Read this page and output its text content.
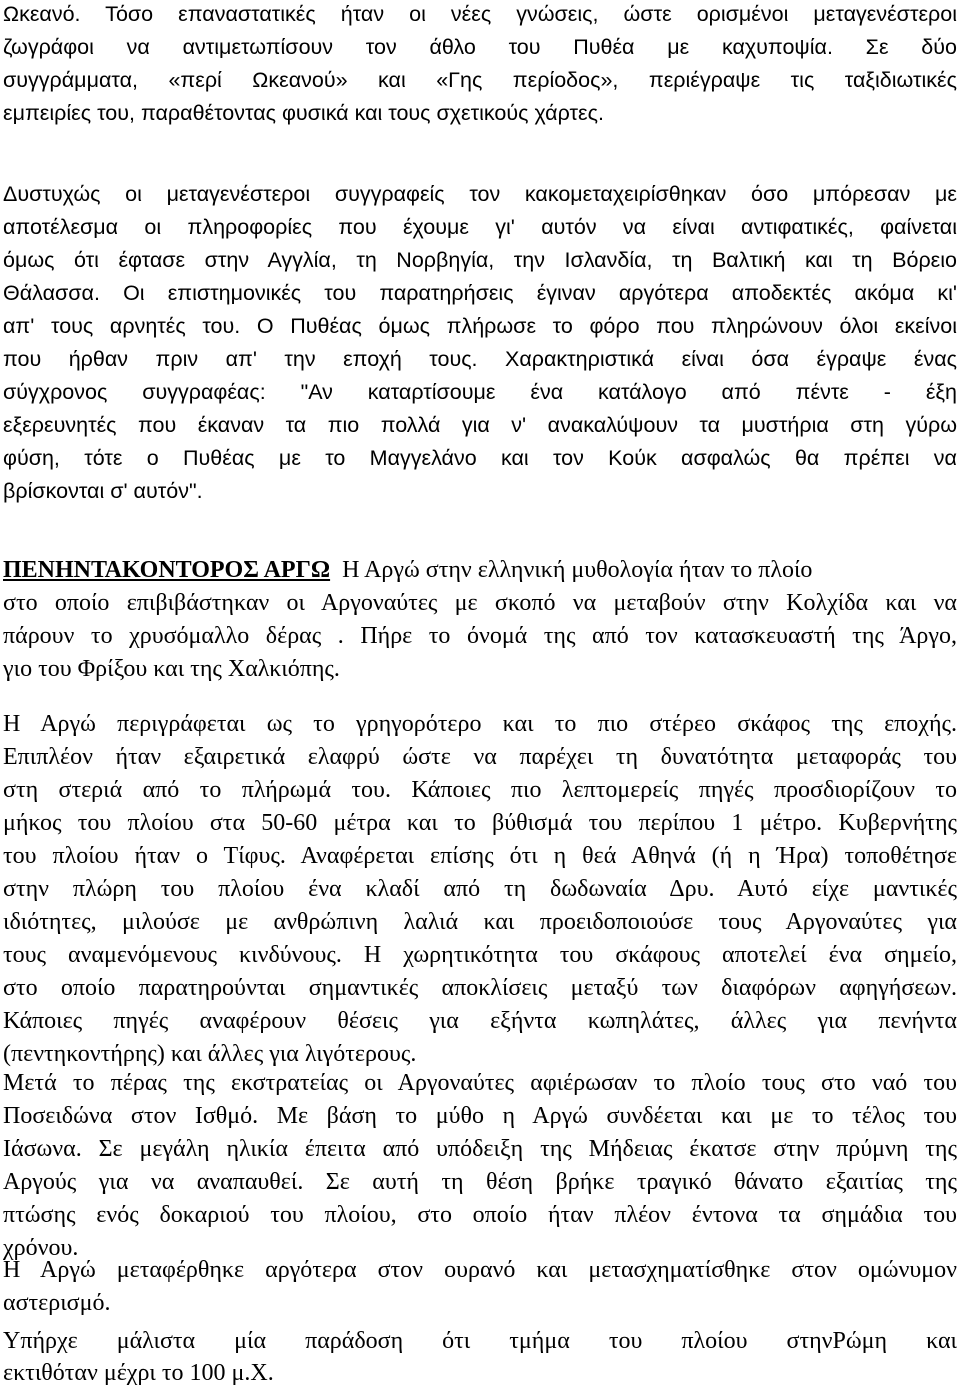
Ωκεανό. Τόσο επαναστατικές ήταν οι νέες γνώσεις, ώστε ορισμένοι μεταγενέστεροι
ζωγράφοι να αντιμετωπίσουν τον άθλο του Πυθέα με καχυποψία. Σε δύο
συγγράμματα, «περί Ωκεανού» και «Γης περίοδος», περιέγραψε τις ταξιδιωτικές
εμπειρίες του, παραθέτοντας φυσικά και τους σχετικούς χάρτες.
Δυστυχώς οι μεταγενέστεροι συγγραφείς τον κακομεταχειρίσθηκαν όσο μπόρεσαν με
αποτέλεσμα οι πληροφορίες που έχουμε γι' αυτόν να είναι αντιφατικές, φαίνεται
όμως ότι έφτασε στην Αγγλία, τη Νορβηγία, την Ισλανδία, τη Βαλτική και τη Βόρειο
Θάλασσα. Οι επιστημονικές του παρατηρήσεις έγιναν αργότερα αποδεκτές ακόμα κι'
απ' τους αρνητές του. Ο Πυθέας όμως πλήρωσε το φόρο που πληρώνουν όλοι εκείνοι
που ήρθαν πριν απ' την εποχή τους. Χαρακτηριστικά είναι όσα έγραψε ένας
σύγχρονος συγγραφέας: "Αν καταρτίσουμε ένα κατάλογο από πέντε - έξη
εξερευνητές που έκαναν τα πιο πολλά για ν' ανακαλύψουν τα μυστήρια στη γύρω
φύση, τότε ο Πυθέας με το Μαγγελάνο και τον Κούκ ασφαλώς θα πρέπει να
βρίσκονται σ' αυτόν".
ΠΕΝΗΝΤΑΚΟΝΤΟΡΟΣ ΑΡΓΩ Η Αργώ στην ελληνική μυθολογία ήταν το πλοίο
στο οποίο επιβιβάστηκαν οι Αργοναύτες με σκοπό να μεταβούν στην Κολχίδα και να
πάρουν το χρυσόμαλλο δέρας . Πήρε το όνομά της από τον κατασκευαστή της Άργο,
γιο του Φρίξου και της Χαλκιόπης.
Η Αργώ περιγράφεται ως το γρηγορότερο και το πιο στέρεο σκάφος της εποχής.
Επιπλέον ήταν εξαιρετικά ελαφρύ ώστε να παρέχει τη δυνατότητα μεταφοράς του
στη στεριά από το πλήρωμά του. Κάποιες πιο λεπτομερείς πηγές προσδιορίζουν το
μήκος του πλοίου στα 50-60 μέτρα και το βύθισμά του περίπου 1 μέτρο. Κυβερνήτης
του πλοίου ήταν ο Τίφυς. Αναφέρεται επίσης ότι η θεά Αθηνά (ή η Ήρα) τοποθέτησε
στην πλώρη του πλοίου ένα κλαδί από τη δωδωναία Δρυ. Αυτό είχε μαντικές
ιδιότητες, μιλούσε με ανθρώπινη λαλιά και προειδοποιούσε τους Αργοναύτες για
τους αναμενόμενους κινδύνους. Η χωρητικότητα του σκάφους αποτελεί ένα σημείο,
στο οποίο παρατηρούνται σημαντικές αποκλίσεις μεταξύ των διαφόρων αφηγήσεων.
Κάποιες πηγές αναφέρουν θέσεις για εξήντα κωπηλάτες, άλλες για πενήντα
(πεντηκοντήρης) και άλλες για λιγότερους.
Μετά το πέρας της εκστρατείας οι Αργοναύτες αφιέρωσαν το πλοίο τους στο ναό του
Ποσειδώνα στον Ισθμό. Με βάση το μύθο η Αργώ συνδέεται και με το τέλος του
Ιάσωνα. Σε μεγάλη ηλικία έπειτα από υπόδειξη της Μήδειας έκατσε στην πρύμνη της
Αργούς για να αναπαυθεί. Σε αυτή τη θέση βρήκε τραγικό θάνατο εξαιτίας της
πτώσης ενός δοκαριού του πλοίου, στο οποίο ήταν πλέον έντονα τα σημάδια του
χρόνου.
Η Αργώ μεταφέρθηκε αργότερα στον ουρανό και μετασχηματίσθηκε στον ομώνυμον
αστερισμό.
Υπήρχε μάλιστα μία παράδοση ότι τμήμα του πλοίου στηνΡώμη και
εκτιθόταν μέχρι το 100 μ.Χ.
